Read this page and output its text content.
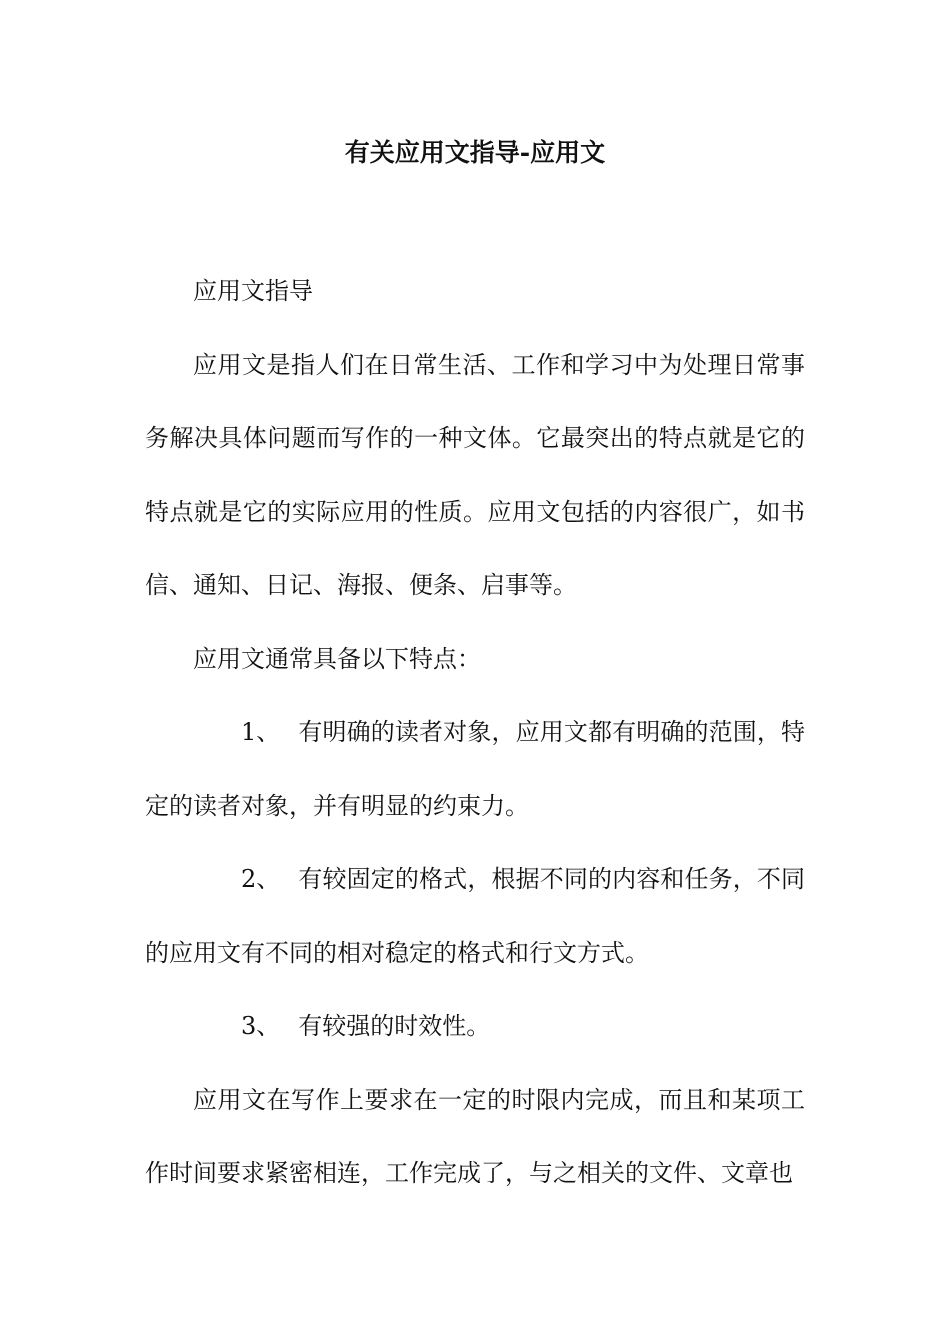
有关应用文指导-应用文

应用文指导

应用文是指人们在日常生活、工作和学习中为处理日常事务解决具体问题而写作的一种文体。它最突出的特点就是它的特点就是它的实际应用的性质。应用文包括的内容很广，如书信、通知、日记、海报、便条、启事等。

应用文通常具备以下特点：

1、 有明确的读者对象，应用文都有明确的范围，特定的读者对象，并有明显的约束力。

2、 有较固定的格式，根据不同的内容和任务，不同的应用文有不同的相对稳定的格式和行文方式。

3、 有较强的时效性。

应用文在写作上要求在一定的时限内完成，而且和某项工作时间要求紧密相连，工作完成了，与之相关的文件、文章也
